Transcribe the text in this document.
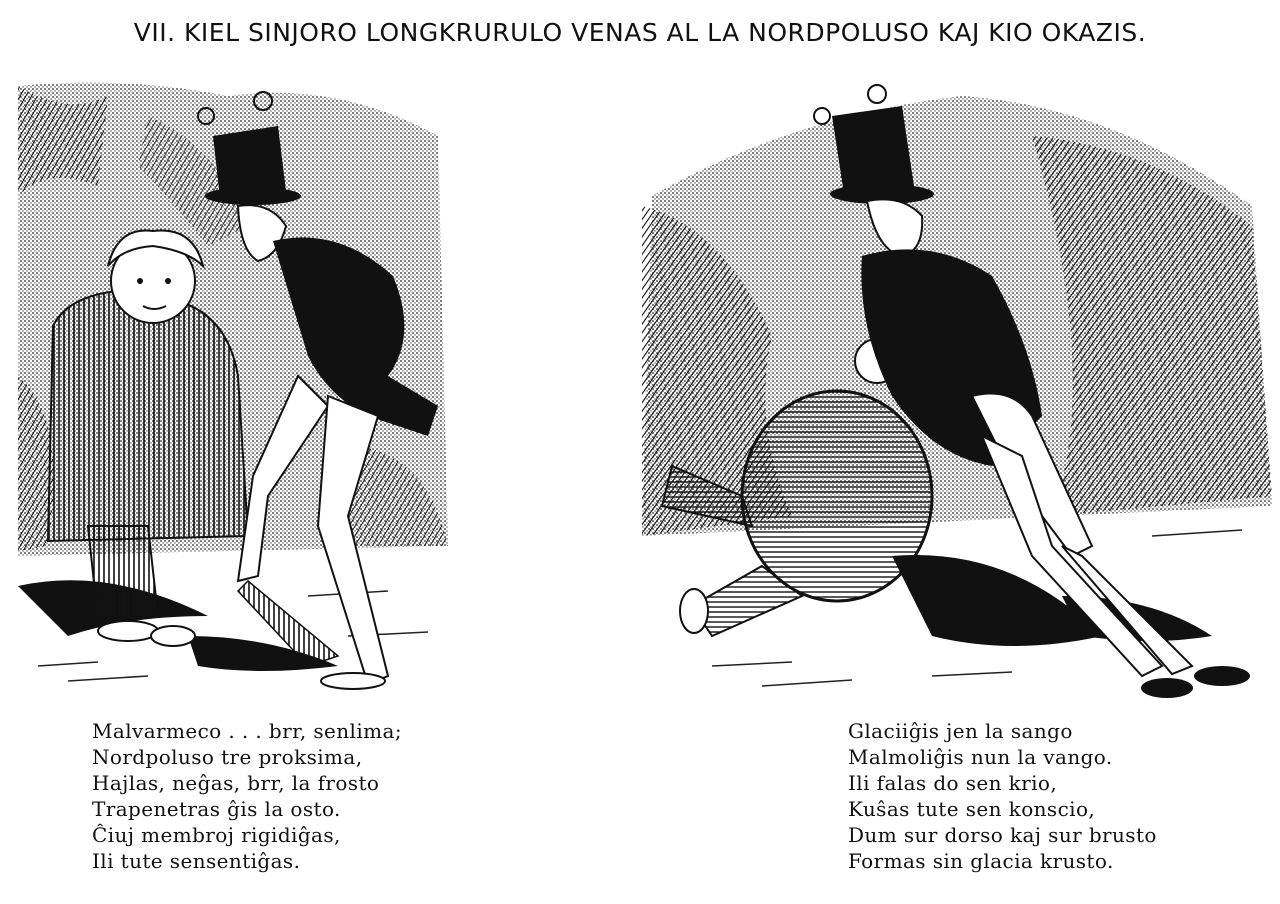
VII. KIEL SINJORO LONGKRURULO VENAS AL LA NORDPOLUSO KAJ KIO OKAZIS.
Malvarmeco . . . brr, senlima;
Nordpoluso tre proksima,
Hajlas, neĝas, brr, la frosto
Trapenetras ĝis la osto.
Ĉiuj membroj rigidiĝas,
Ili tute sensentiĝas.
Glaciiĝis jen la sango
Malmoliĝis nun la vango.
Ili falas do sen krio,
Kuŝas tute sen konscio,
Dum sur dorso kaj sur brusto
Formas sin glacia krusto.
